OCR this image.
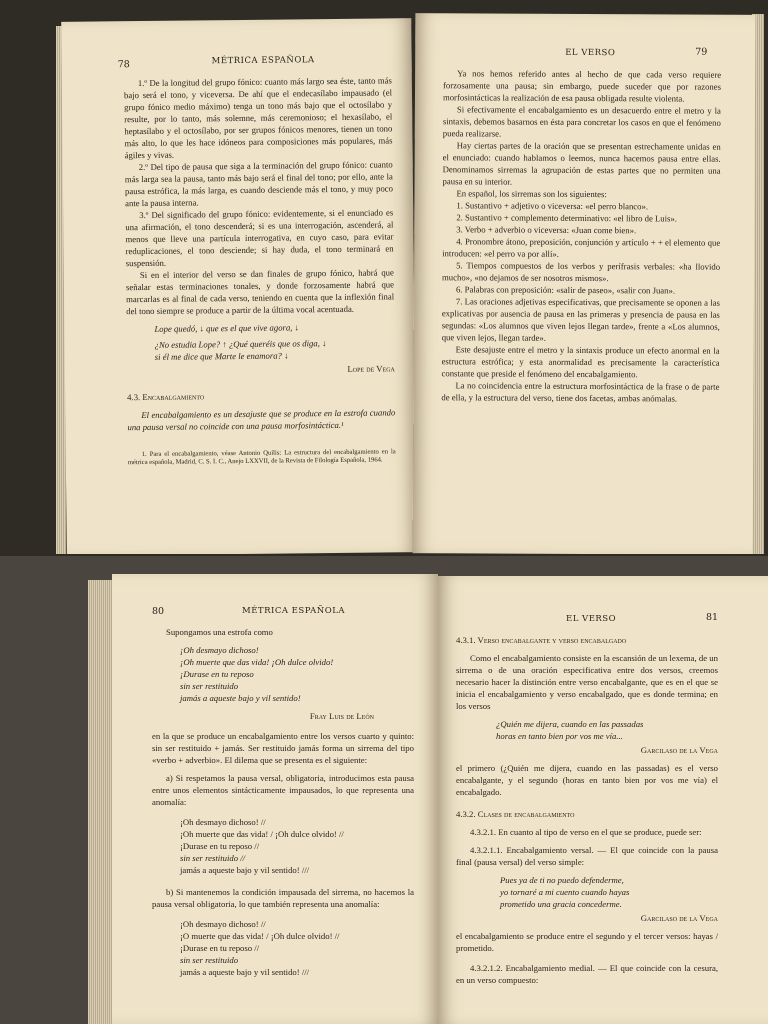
78	MÉTRICA ESPAÑOLA

1.º De la longitud del grupo fónico: cuanto más largo sea éste, tanto más bajo será el tono, y viceversa. De ahí que el endecasílabo impausado (el grupo fónico medio máximo) tenga un tono más bajo que el octosílabo y resulte, por lo tanto, más solemne, más ceremonioso; el hexasílabo, el heptasílabo y el octosílabo, por ser grupos fónicos menores, tienen un tono más alto, lo que les hace idóneos para composiciones más populares, más ágiles y vivas.

2.º Del tipo de pausa que siga a la terminación del grupo fónico: cuanto más larga sea la pausa, tanto más bajo será el final del tono; por ello, ante la pausa estrófica, la más larga, es cuando desciende más el tono, y muy poco ante la pausa interna.

3.º Del significado del grupo fónico: evidentemente, si el enunciado es una afirmación, el tono descenderá; si es una interrogación, ascenderá, al menos que lleve una partícula interrogativa, en cuyo caso, para evitar reduplicaciones, el tono desciende; si hay duda, el tono terminará en suspensión.

Si en el interior del verso se dan finales de grupo fónico, habrá que señalar estas terminaciones tonales, y donde forzosamente habrá que marcarlas es al final de cada verso, teniendo en cuenta que la inflexión final del tono siempre se produce a partir de la última vocal acentuada.

Lope quedó, ↓ que es el que vive agora, ↓
¿No estudia Lope? ↑ ¿Qué queréis que os diga, ↓
si él me dice que Marte le enamora? ↓
Lope de Vega
4.3. Encabalgamiento

El encabalgamiento es un desajuste que se produce en la estrofa cuando una pausa versal no coincide con una pausa morfosintáctica.¹

1. Para el encabalgamiento, véase Antonio Quilis: La estructura del encabalgamiento en la métrica española, Madrid, C. S. I. C., Anejo LXXVII, de la Revista de Filología Española, 1964.

EL VERSO	79

Ya nos hemos referido antes al hecho de que cada verso requiere forzosamente una pausa; sin embargo, puede suceder que por razones morfosintácticas la realización de esa pausa obligada resulte violenta.

Si efectivamente el encabalgamiento es un desacuerdo entre el metro y la sintaxis, debemos basarnos en ésta para concretar los casos en que el fenómeno pueda realizarse.

Hay ciertas partes de la oración que se presentan estrechamente unidas en el enunciado: cuando hablamos o leemos, nunca hacemos pausa entre ellas. Denominamos sirremas la agrupación de estas partes que no permiten una pausa en su interior.

En español, los sirremas son los siguientes:

1. Sustantivo + adjetivo o viceversa: «el perro blanco».

2. Sustantivo + complemento determinativo: «el libro de Luis».

3. Verbo + adverbio o viceversa: «Juan come bien».

4. Pronombre átono, preposición, conjunción y artículo + + el elemento que introducen: «el perro va por allí».

5. Tiempos compuestos de los verbos y perífrasis verbales: «ha llovido mucho», «no dejamos de ser nosotros mismos».

6. Palabras con preposición: «salir de paseo», «salir con Juan».

7. Las oraciones adjetivas especificativas, que precisamente se oponen a las explicativas por ausencia de pausa en las primeras y presencia de pausa en las segundas: «Los alumnos que viven lejos llegan tarde», frente a «Los alumnos, que viven lejos, llegan tarde».

Este desajuste entre el metro y la sintaxis produce un efecto anormal en la estructura estrófica; y esta anormalidad es precisamente la característica constante que preside el fenómeno del encabalgamiento.

La no coincidencia entre la estructura morfosintáctica de la frase o de parte de ella, y la estructura del verso, tiene dos facetas, ambas anómalas.

80	MÉTRICA ESPAÑOLA

Supongamos una estrofa como

¡Oh desmayo dichoso!
¡Oh muerte que das vida! ¡Oh dulce olvido!
¡Durase en tu reposo
sin ser restituido
jamás a aqueste bajo y vil sentido!
Fray Luis de León

en la que se produce un encabalgamiento entre los versos cuarto y quinto: sin ser restituido + jamás. Ser restituido jamás forma un sirrema del tipo «verbo + adverbio». El dilema que se presenta es el siguiente:

a) Si respetamos la pausa versal, obligatoria, introducimos esta pausa entre unos elementos sintácticamente impausados, lo que representa una anomalía:

¡Oh desmayo dichoso! //
¡Oh muerte que das vida! / ¡Oh dulce olvido! //
¡Durase en tu reposo //
sin ser restituido //
jamás a aqueste bajo y vil sentido! ///

b) Si mantenemos la condición impausada del sirrema, no hacemos la pausa versal obligatoria, lo que también representa una anomalía:

¡Oh desmayo dichoso! //
¡O muerte que das vida! / ¡Oh dulce olvido! //
¡Durase en tu reposo //
sin ser restituido
jamás a aqueste bajo y vil sentido! ///
EL VERSO	81
4.3.1. Verso encabalgante y verso encabalgado

Como el encabalgamiento consiste en la escansión de un lexema, de un sirrema o de una oración especificativa entre dos versos, creemos necesario hacer la distinción entre verso encabalgante, que es en el que se inicia el encabalgamiento y verso encabalgado, que es donde termina; en los versos

¿Quién me dijera, cuando en las passadas
horas en tanto bien por vos me vía...
Garcilaso de la Vega

el primero (¿Quién me dijera, cuando en las passadas) es el verso encabalgante, y el segundo (horas en tanto bien por vos me vía) el encabalgado.

4.3.2. Clases de encabalgamiento

4.3.2.1. En cuanto al tipo de verso en el que se produce, puede ser:

4.3.2.1.1. Encabalgamiento versal. — El que coincide con la pausa final (pausa versal) del verso simple:

Pues ya de ti no puedo defenderme,
yo tornaré a mi cuento cuando hayas
prometido una gracia concederme.
Garcilaso de la Vega

el encabalgamiento se produce entre el segundo y el tercer versos: hayas / prometido.

4.3.2.1.2. Encabalgamiento medial. — El que coincide con la cesura, en un verso compuesto:
